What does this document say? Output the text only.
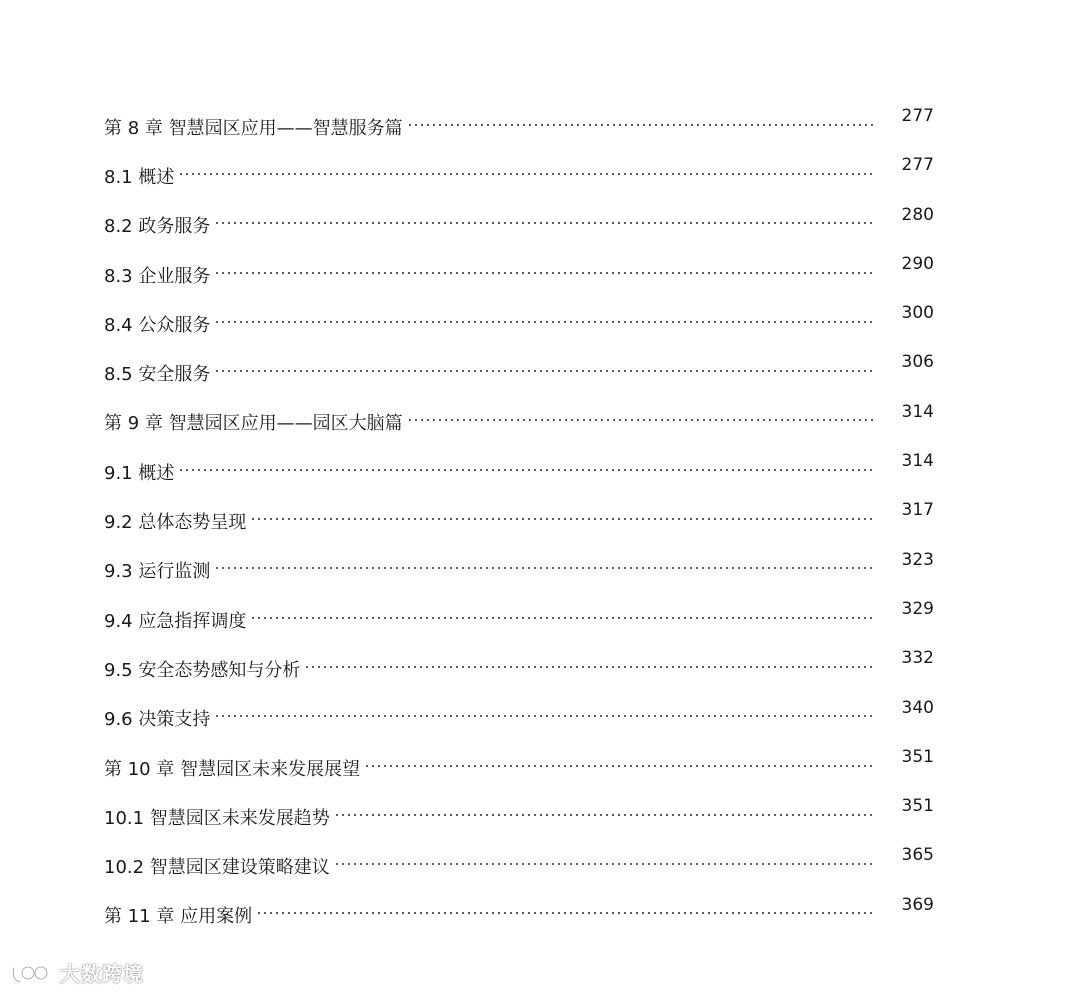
第 8 章 智慧园区应用——智慧服务篇
277
8.1 概述
277
8.2 政务服务
280
8.3 企业服务
290
8.4 公众服务
300
8.5 安全服务
306
第 9 章 智慧园区应用——园区大脑篇
314
9.1 概述
314
9.2 总体态势呈现
317
9.3 运行监测
323
9.4 应急指挥调度
329
9.5 安全态势感知与分析
332
9.6 决策支持
340
第 10 章 智慧园区未来发展展望
351
10.1 智慧园区未来发展趋势
351
10.2 智慧园区建设策略建议
365
第 11 章 应用案例
369
大数跨境
